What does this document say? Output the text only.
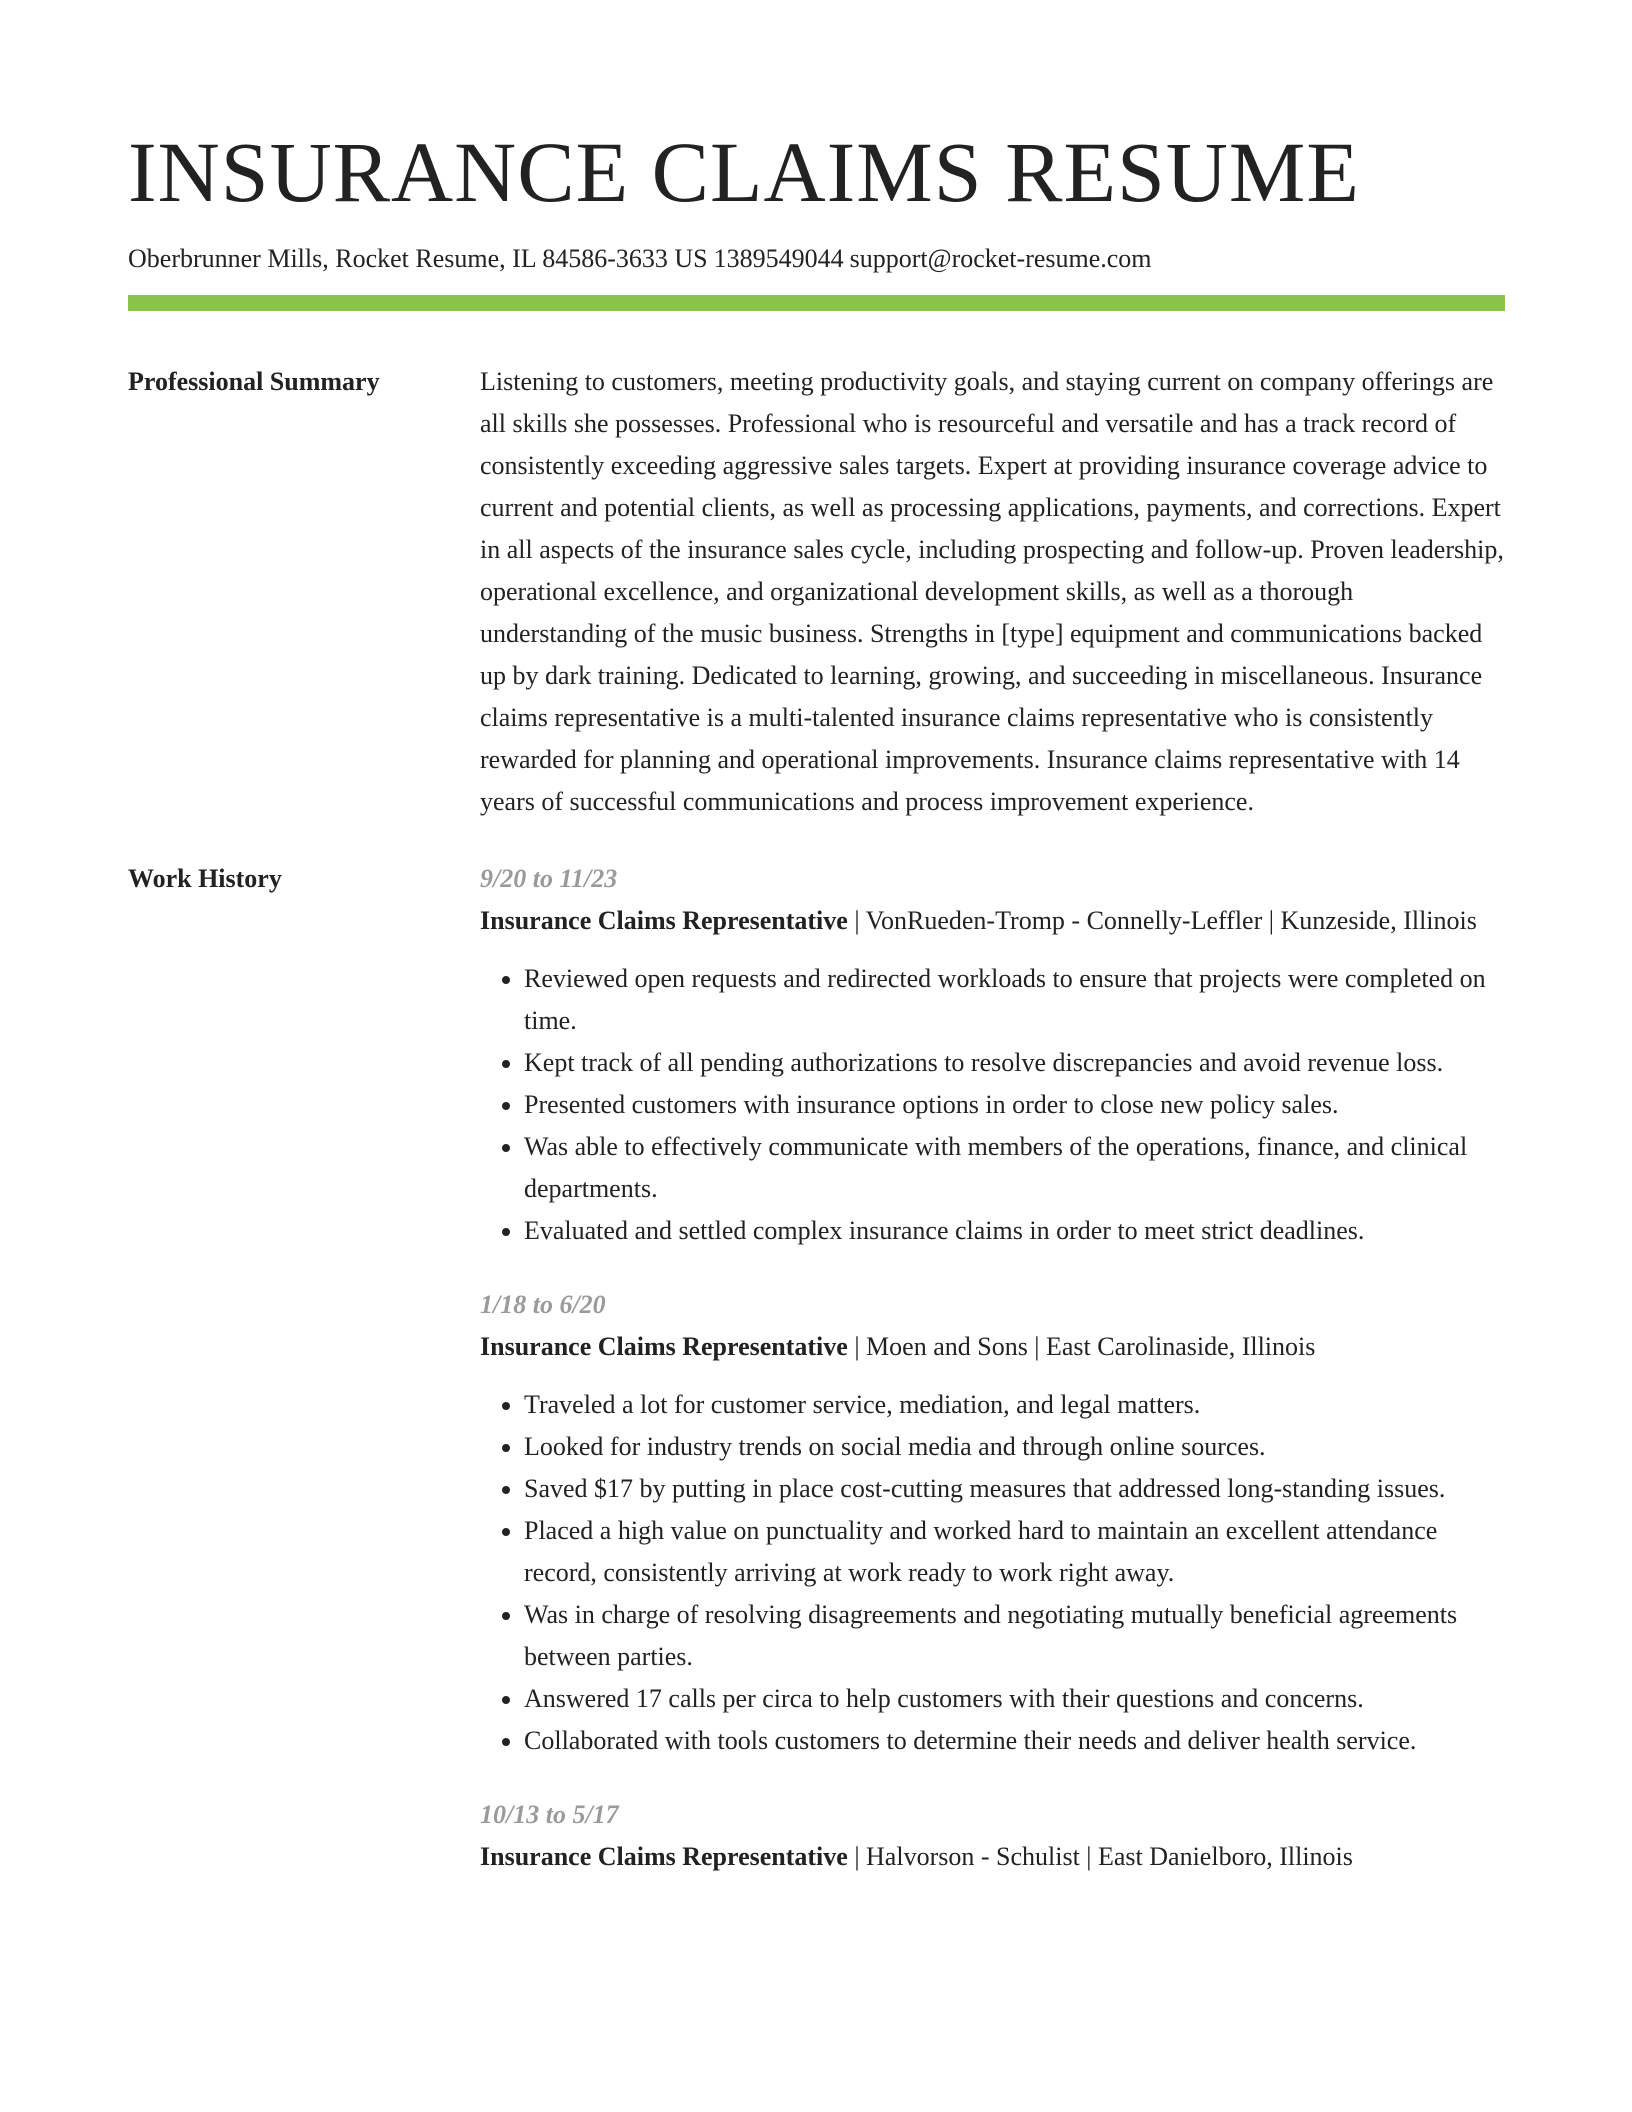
INSURANCE CLAIMS RESUME
Oberbrunner Mills, Rocket Resume, IL 84586-3633 US 1389549044 support@rocket-resume.com
Professional Summary	Listening to customers, meeting productivity goals, and staying current on company offerings are all skills she possesses. Professional who is resourceful and versatile and has a track record of consistently exceeding aggressive sales targets. Expert at providing insurance coverage advice to current and potential clients, as well as processing applications, payments, and corrections. Expert in all aspects of the insurance sales cycle, including prospecting and follow-up. Proven leadership, operational excellence, and organizational development skills, as well as a thorough understanding of the music business. Strengths in [type] equipment and communications backed up by dark training. Dedicated to learning, growing, and succeeding in miscellaneous. Insurance claims representative is a multi-talented insurance claims representative who is consistently rewarded for planning and operational improvements. Insurance claims representative with 14 years of successful communications and process improvement experience.

Work History	9/20 to 11/23
Insurance Claims Representative | VonRueden-Tromp - Connelly-Leffler | Kunzeside, Illinois
• Reviewed open requests and redirected workloads to ensure that projects were completed on time.
• Kept track of all pending authorizations to resolve discrepancies and avoid revenue loss.
• Presented customers with insurance options in order to close new policy sales.
• Was able to effectively communicate with members of the operations, finance, and clinical departments.
• Evaluated and settled complex insurance claims in order to meet strict deadlines.
1/18 to 6/20
Insurance Claims Representative | Moen and Sons | East Carolinaside, Illinois
• Traveled a lot for customer service, mediation, and legal matters.
• Looked for industry trends on social media and through online sources.
• Saved $17 by putting in place cost-cutting measures that addressed long-standing issues.
• Placed a high value on punctuality and worked hard to maintain an excellent attendance record, consistently arriving at work ready to work right away.
• Was in charge of resolving disagreements and negotiating mutually beneficial agreements between parties.
• Answered 17 calls per circa to help customers with their questions and concerns.
• Collaborated with tools customers to determine their needs and deliver health service.
10/13 to 5/17
Insurance Claims Representative | Halvorson - Schulist | East Danielboro, Illinois
